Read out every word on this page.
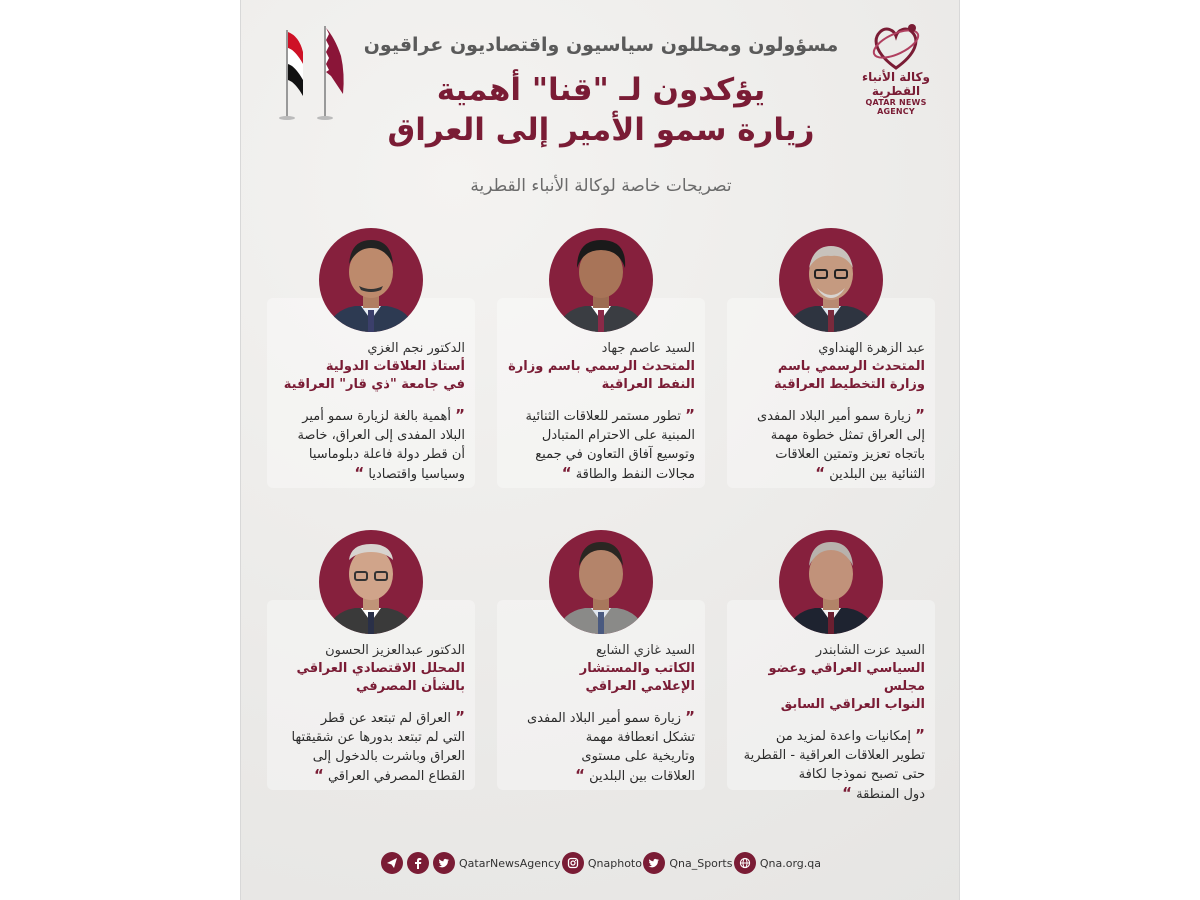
وكالة الأنباء القطرية
QATAR NEWS AGENCY
مسؤولون ومحللون سياسيون واقتصاديون عراقيون
يؤكدون لـ "قنا" أهمية
زيارة سمو الأمير إلى العراق
تصريحات خاصة لوكالة الأنباء القطرية
عبد الزهرة الهنداوي
المتحدث الرسمي باسم
وزارة التخطيط العراقية
” زيارة سمو أمير البلاد المفدى
إلى العراق تمثل خطوة مهمة
باتجاه تعزيز وتمتين العلاقات
الثنائية بين البلدين “
السيد عاصم جهاد
المتحدث الرسمي باسم وزارة
النفط العراقية
” تطور مستمر للعلاقات الثنائية
المبنية على الاحترام المتبادل
وتوسيع آفاق التعاون في جميع
مجالات النفط والطاقة “
الدكتور نجم الغزي
أستاذ العلاقات الدولية
في جامعة "ذي قار" العراقية
” أهمية بالغة لزيارة سمو أمير
البلاد المفدى إلى العراق، خاصة
أن قطر دولة فاعلة دبلوماسيا
وسياسيا واقتصاديا “
السيد عزت الشابندر
السياسي العراقي وعضو مجلس
النواب العراقي السابق
” إمكانيات واعدة لمزيد من
تطوير العلاقات العراقية - القطرية
حتى تصبح نموذجا لكافة
دول المنطقة “
السيد غازي الشايع
الكاتب والمستشار
الإعلامي العراقي
” زيارة سمو أمير البلاد المفدى
تشكل انعطافة مهمة
وتاريخية على مستوى
العلاقات بين البلدين “
الدكتور عبدالعزيز الحسون
المحلل الاقتصادي العراقي
بالشأن المصرفي
” العراق لم تبتعد عن قطر
التي لم تبتعد بدورها عن شقيقتها
العراق وباشرت بالدخول إلى
القطاع المصرفي العراقي “
QatarNewsAgency Qnaphoto Qna_Sports Qna.org.qa
